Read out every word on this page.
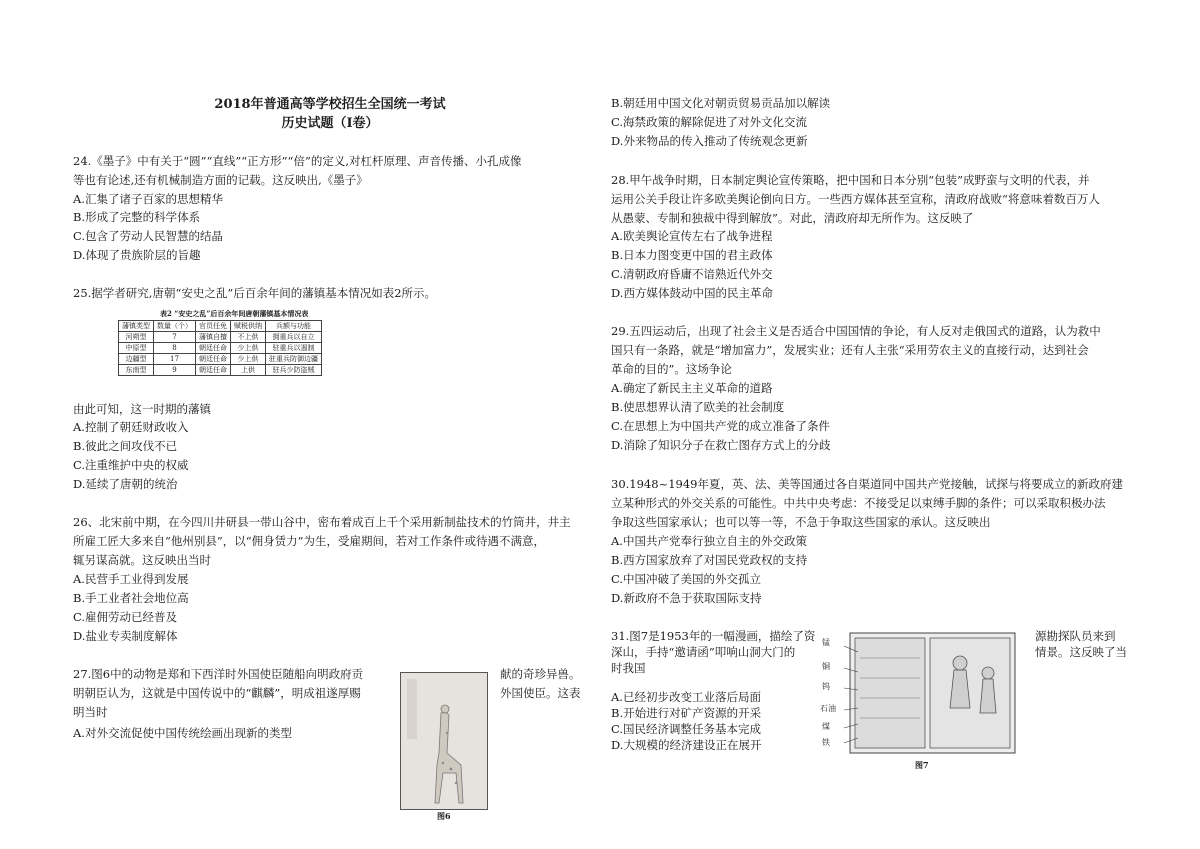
2018年普通高等学校招生全国统一考试
历史试题（Ⅰ卷）
24.《墨子》中有关于“圆”“直线”“正方形”“倍”的定义,对杠杆原理、声音传播、小孔成像
等也有论述,还有机械制造方面的记载。这反映出,《墨子》
A.汇集了诸子百家的思想精华
B.形成了完整的科学体系
C.包含了劳动人民智慧的结晶
D.体现了贵族阶层的旨趣
25.据学者研究,唐朝“安史之乱”后百余年间的藩镇基本情况如表2所示。
表2 “安史之乱”后百余年间唐朝藩镇基本情况表
藩镇类型	数量（个）	官员任免	赋税供纳	兵额与功能
河朔型	7	藩镇自擅	不上供	拥重兵以自立
中原型	8	朝廷任命	少上供	驻重兵以遏制
边疆型	17	朝廷任命	少上供	驻重兵防御边疆
东南型	9	朝廷任命	上供	驻兵少防盗贼
由此可知，这一时期的藩镇
A.控制了朝廷财政收入
B.彼此之间攻伐不已
C.注重维护中央的权威
D.延续了唐朝的统治
26、北宋前中期，在今四川井研县一带山谷中，密布着成百上千个采用新制盐技术的竹筒井，井主
所雇工匠大多来自“他州别县”，以“佣身赁力”为生，受雇期间，若对工作条件或待遇不满意，
辄另谋高就。这反映出当时
A.民营手工业得到发展
B.手工业者社会地位高
C.雇佣劳动已经普及
D.盐业专卖制度解体
27.图6中的动物是郑和下西洋时外国使臣随船向明政府贡	献的奇珍异兽。
明朝臣认为，这就是中国传说中的“麒麟”，明成祖遂厚赐	外国使臣。这表
明当时
A.对外交流促使中国传统绘画出现新的类型
图6
B.朝廷用中国文化对朝贡贸易贡品加以解读
C.海禁政策的解除促进了对外文化交流
D.外来物品的传入推动了传统观念更新
28.甲午战争时期，日本制定舆论宣传策略，把中国和日本分别“包装”成野蛮与文明的代表，并
运用公关手段让许多欧美舆论倒向日方。一些西方媒体甚至宣称，清政府战败“将意味着数百万人
从愚蒙、专制和独裁中得到解放”。对此，清政府却无所作为。这反映了
A.欧美舆论宣传左右了战争进程
B.日本力图变更中国的君主政体
C.清朝政府昏庸不谙熟近代外交
D.西方媒体鼓动中国的民主革命
29.五四运动后，出现了社会主义是否适合中国国情的争论，有人反对走俄国式的道路，认为救中
国只有一条路，就是“增加富力”，发展实业；还有人主张“采用劳农主义的直接行动，达到社会
革命的目的”。这场争论
A.确定了新民主主义革命的道路
B.使思想界认清了欧美的社会制度
C.在思想上为中国共产党的成立准备了条件
D.消除了知识分子在救亡图存方式上的分歧
30.1948~1949年夏，英、法、美等国通过各自渠道同中国共产党接触，试探与将要成立的新政府建
立某种形式的外交关系的可能性。中共中央考虑：不接受足以束缚手脚的条件；可以采取积极办法
争取这些国家承认；也可以等一等，不急于争取这些国家的承认。这反映出
A.中国共产党奉行独立自主的外交政策
B.西方国家放弃了对国民党政权的支持
C.中国冲破了美国的外交孤立
D.新政府不急于获取国际支持
31.图7是1953年的一幅漫画，描绘了资	源勘探队员来到
深山，手持“邀请函”叩响山洞大门的	情景。这反映了当
时我国
A.已经初步改变工业落后局面
B.开始进行对矿产资源的开采
C.国民经济调整任务基本完成
D.大规模的经济建设正在展开
锰
铜
钨
石油
煤
铁
图7
